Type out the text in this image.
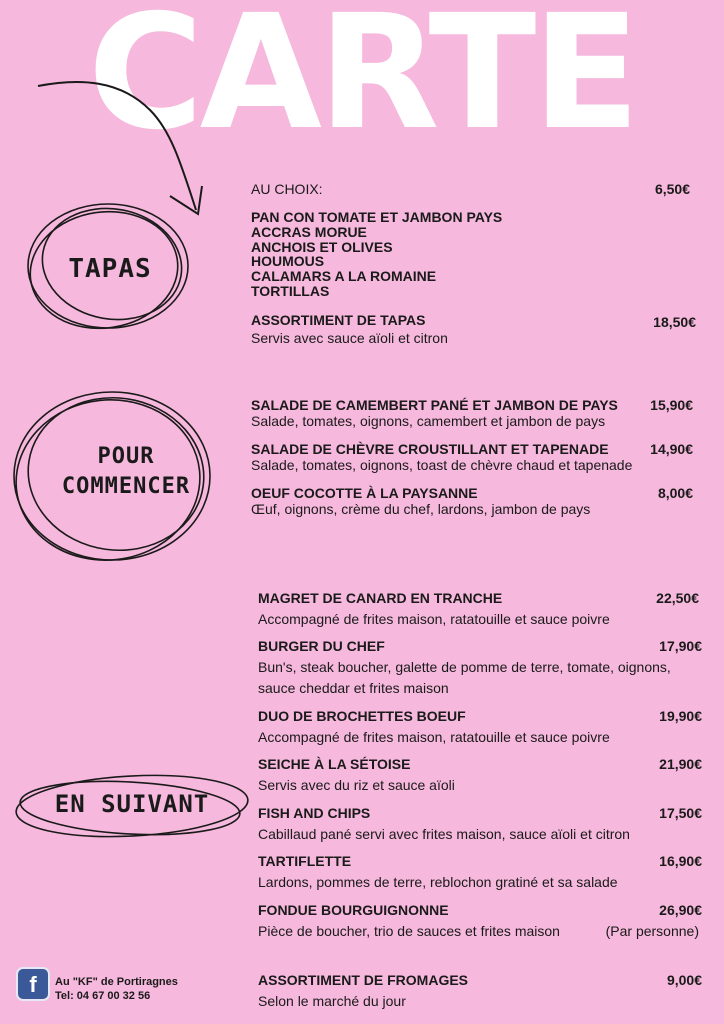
CARTE
TAPAS
POUR
COMMENCER
EN SUIVANT
AU CHOIX:	6,50€
PAN CON TOMATE ET JAMBON PAYS
ACCRAS MORUE
ANCHOIS ET OLIVES
HOUMOUS
CALAMARS A LA ROMAINE
TORTILLAS
ASSORTIMENT DE TAPAS
Servis avec sauce aïoli et citron
18,50€
SALADE DE CAMEMBERT PANÉ ET JAMBON DE PAYS
Salade, tomates, oignons, camembert et jambon de pays
15,90€
SALADE DE CHÈVRE CROUSTILLANT ET TAPENADE
Salade, tomates, oignons, toast de chèvre chaud et tapenade
14,90€
OEUF COCOTTE À LA PAYSANNE
Œuf, oignons, crème du chef, lardons, jambon de pays
8,00€
MAGRET DE CANARD EN TRANCHE
Accompagné de frites maison, ratatouille et sauce poivre
22,50€
BURGER DU CHEF
Bun's, steak boucher, galette de pomme de terre, tomate, oignons,
sauce cheddar et frites maison
17,90€
DUO DE BROCHETTES BOEUF
Accompagné de frites maison, ratatouille et sauce poivre
19,90€
SEICHE À LA SÉTOISE
Servis avec du riz et sauce aïoli
21,90€
FISH AND CHIPS
Cabillaud pané servi avec frites maison, sauce aïoli et citron
17,50€
TARTIFLETTE
Lardons, pommes de terre, reblochon gratiné et sa salade
16,90€
FONDUE BOURGUIGNONNE
Pièce de boucher, trio de sauces et frites maison
26,90€
(Par personne)
ASSORTIMENT DE FROMAGES
Selon le marché du jour
9,00€
f	Au "KF" de Portiragnes
Tel: 04 67 00 32 56
